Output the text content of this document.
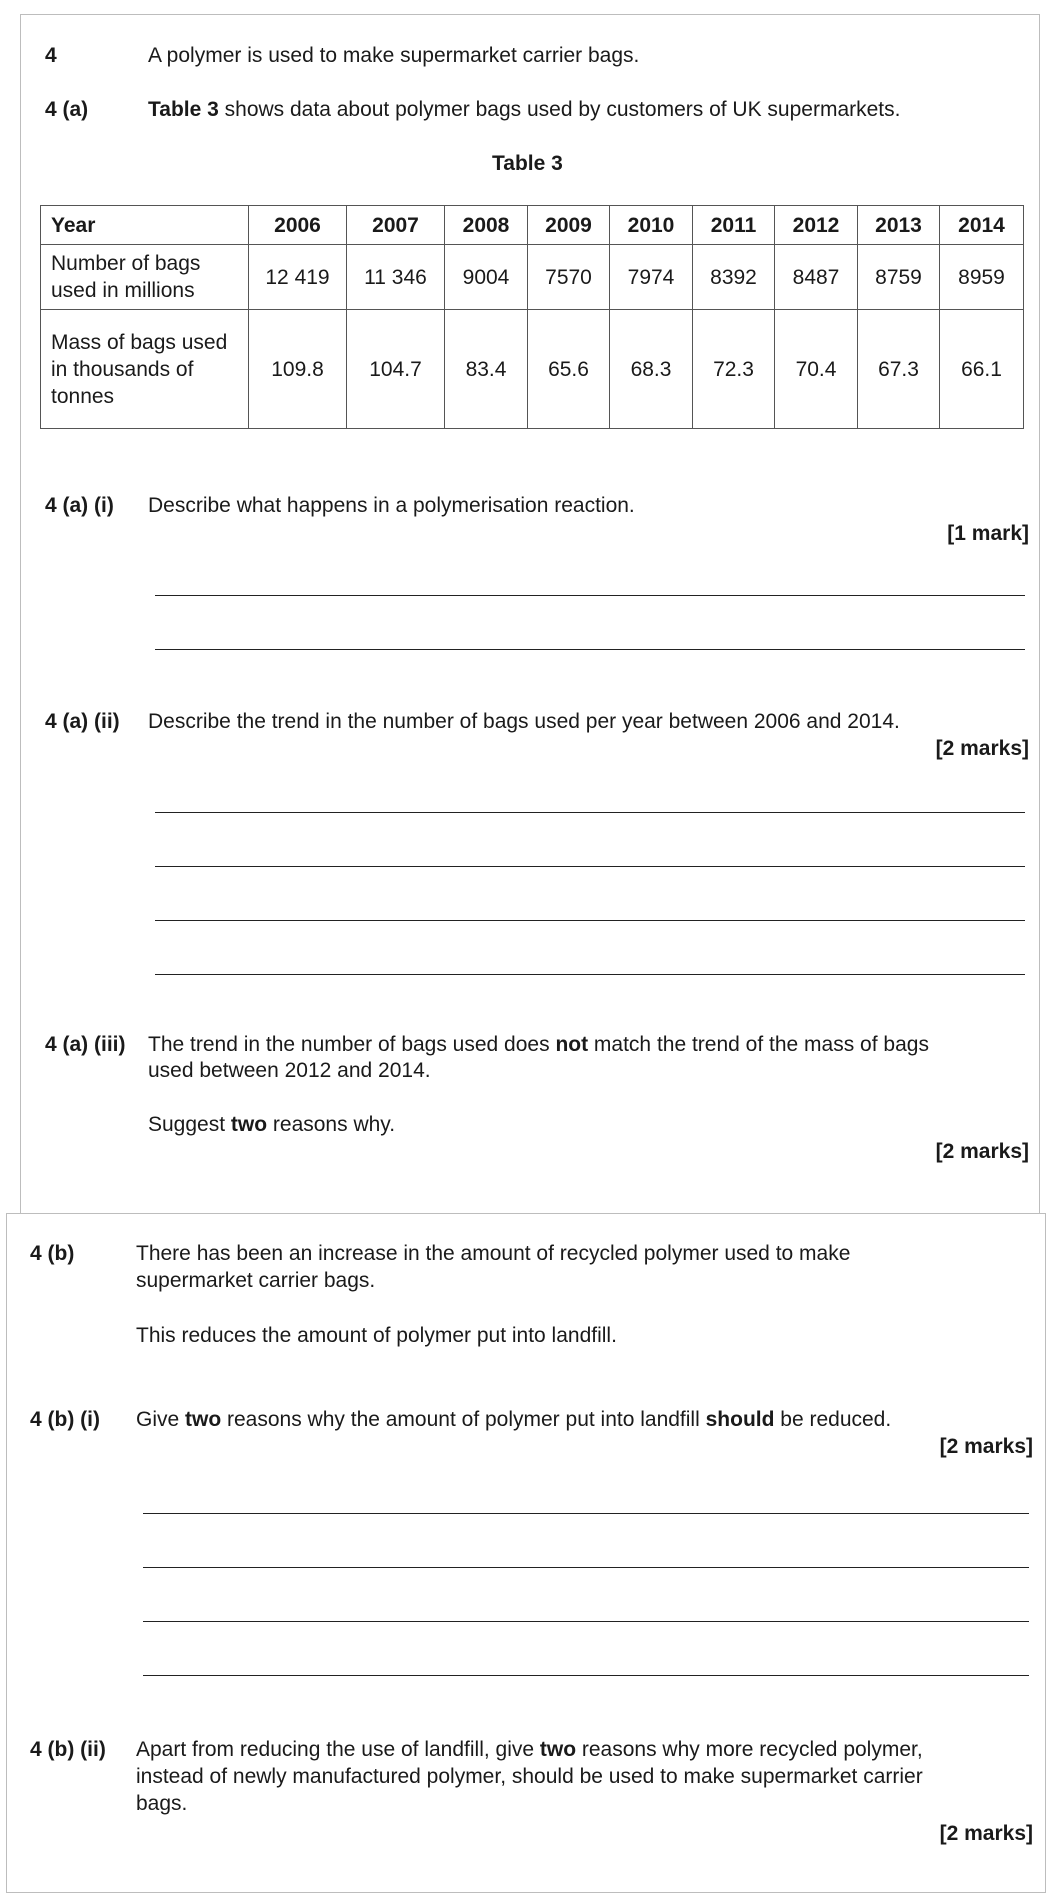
4	A polymer is used to make supermarket carrier bags.
4 (a)	Table 3 shows data about polymer bags used by customers of UK supermarkets.
Table 3
Year	2006	2007	2008	2009	2010	2011	2012	2013	2014
Number of bags used in millions	12 419	11 346	9004	7570	7974	8392	8487	8759	8959
Mass of bags used in thousands of tonnes	109.8	104.7	83.4	65.6	68.3	72.3	70.4	67.3	66.1
4 (a) (i) Describe what happens in a polymerisation reaction.
[1 mark]
4 (a) (ii) Describe the trend in the number of bags used per year between 2006 and 2014.
[2 marks]
4 (a) (iii) The trend in the number of bags used does not match the trend of the mass of bags
used between 2012 and 2014.
Suggest two reasons why.
[2 marks]
4 (b)	There has been an increase in the amount of recycled polymer used to make
supermarket carrier bags.
This reduces the amount of polymer put into landfill.
4 (b) (i) Give two reasons why the amount of polymer put into landfill should be reduced.
[2 marks]
4 (b) (ii) Apart from reducing the use of landfill, give two reasons why more recycled polymer,
instead of newly manufactured polymer, should be used to make supermarket carrier
bags.
[2 marks]
